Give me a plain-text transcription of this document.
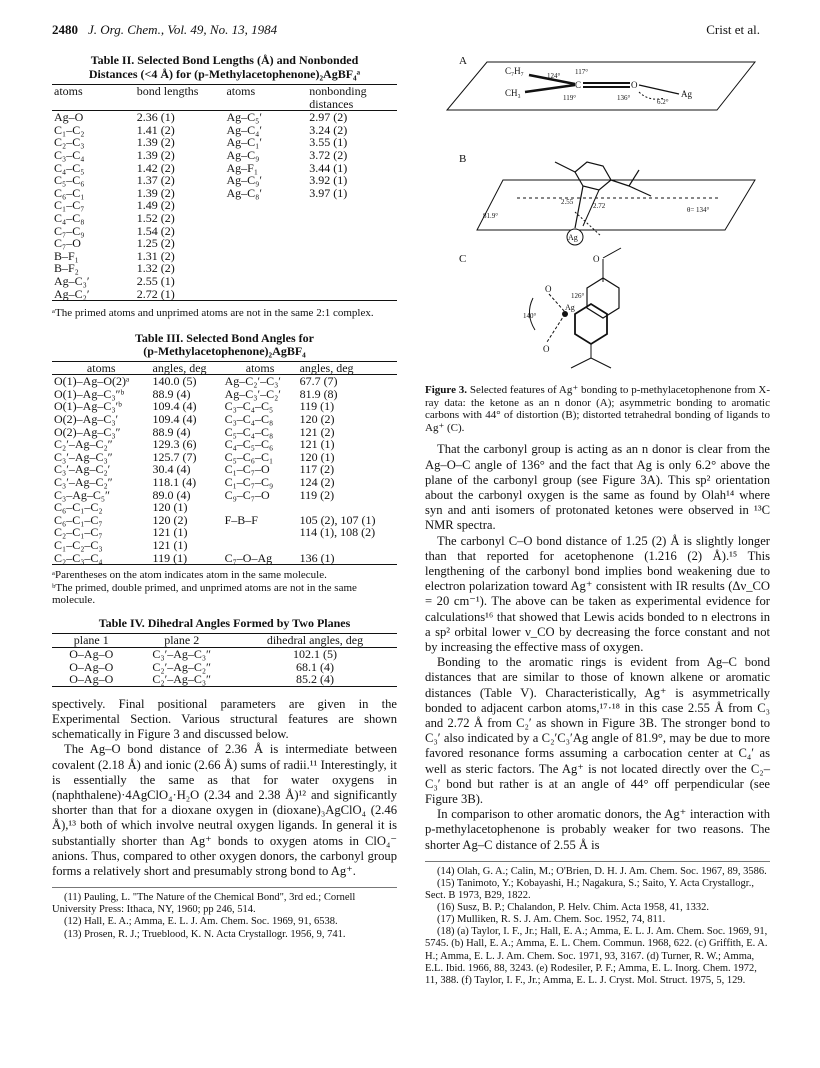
2480 J. Org. Chem., Vol. 49, No. 13, 1984	Crist et al.

Table II. Selected Bond Lengths (Å) and Nonbonded

Distances (<4 Å) for (p-Methylacetophenone)₂AgBF₄ᵃ

atoms	bond lengths	atoms	nonbonding distances
Ag–O	2.36 (1)	Ag–C₅′	2.97 (2)
C₁–C₂	1.41 (2)	Ag–C₄′	3.24 (2)
C₂–C₃	1.39 (2)	Ag–C₁′	3.55 (1)
C₃–C₄	1.39 (2)	Ag–C₉	3.72 (2)
C₄–C₅	1.42 (2)	Ag–F₁	3.44 (1)
C₅–C₆	1.37 (2)	Ag–C₉′	3.92 (1)
C₆–C₁	1.39 (2)	Ag–C₈′	3.97 (1)
C₁–C₇	1.49 (2)		
C₄–C₈	1.52 (2)		
C₇–C₉	1.54 (2)		
C₇–O	1.25 (2)		
B–F₁	1.31 (2)		
B–F₂	1.32 (2)		
Ag–C₃′	2.55 (1)		
Ag–C₂′	2.72 (1)		

ᵃThe primed atoms and unprimed atoms are not in the same 2:1 complex.

Table III. Selected Bond Angles for

(p-Methylacetophenone)₂AgBF₄

atoms	angles, deg	atoms	angles, deg
O(1)–Ag–O(2)ᵃ	140.0 (5)	Ag–C₂′–C₃′	67.7 (7)
O(1)–Ag–C₃″ᵇ	88.9 (4)	Ag–C₃′–C₂′	81.9 (8)
O(1)–Ag–C₃′ᵇ	109.4 (4)	C₃–C₄–C₅	119 (1)
O(2)–Ag–C₃′	109.4 (4)	C₃–C₄–C₈	120 (2)
O(2)–Ag–C₃″	88.9 (4)	C₅–C₄–C₈	121 (2)
C₂′–Ag–C₂″	129.3 (6)	C₄–C₅–C₆	121 (1)
C₃′–Ag–C₃″	125.7 (7)	C₅–C₆–C₁	120 (1)
C₃′–Ag–C₂′	30.4 (4)	C₁–C₇–O	117 (2)
C₃′–Ag–C₂″	118.1 (4)	C₁–C₇–C₉	124 (2)
C₃–Ag–C₅″	89.0 (4)	C₉–C₇–O	119 (2)
C₆–C₁–C₂	120 (1)		
C₆–C₁–C₇	120 (2)	F–B–F	105 (2), 107 (1)
C₂–C₁–C₇	121 (1)		114 (1), 108 (2)
C₁–C₂–C₃	121 (1)		
C₂–C₃–C₄	119 (1)	C₇–O–Ag	136 (1)

ᵃParentheses on the atom indicates atom in the same molecule.

ᵇThe primed, double primed, and unprimed atoms are not in the same molecule.

Table IV. Dihedral Angles Formed by Two Planes

plane 1	plane 2	dihedral angles, deg
O–Ag–O	C₃′–Ag–C₃″	102.1 (5)
O–Ag–O	C₂′–Ag–C₂″	68.1 (4)
O–Ag–O	C₂′–Ag–C₃″	85.2 (4)

spectively. Final positional parameters are given in the Experimental Section. Various structural features are shown schematically in Figure 3 and discussed below.

The Ag–O bond distance of 2.36 Å is intermediate between covalent (2.18 Å) and ionic (2.66 Å) sums of radii.¹¹ Interestingly, it is essentially the same as that for water oxygens in (naphthalene)·4AgClO₄·H₂O (2.34 and 2.38 Å)¹² and significantly shorter than that for a dioxane oxygen in (dioxane)₃AgClO₄ (2.46 Å),¹³ both of which involve neutral oxygen ligands. In general it is substantially shorter than Ag⁺ bonds to oxygen atoms in ClO₄⁻ anions. Thus, compared to other oxygen donors, the carbonyl group forms a relatively short and presumably strong bond to Ag⁺.

(11) Pauling, L. "The Nature of the Chemical Bond", 3rd ed.; Cornell University Press: Ithaca, NY, 1960; pp 246, 514.
(12) Hall, E. A.; Amma, E. L. J. Am. Chem. Soc. 1969, 91, 6538.
(13) Prosen, R. J.; Trueblood, K. N. Acta Crystallogr. 1956, 9, 741.
A
C₇H₇
CH₃
C	O
Ag
124° 117°
119°	136°	6.2°
B
Ag
2.55	2.72
81.9°
θ= 134°
C	O
O
Ag
O
140°
126°

Figure 3. Selected features of Ag⁺ bonding to p-methylacetophenone from X-ray data: the ketone as an n donor (A); asymmetric bonding to aromatic carbons with 44° of distortion (B); distorted tetrahedral bonding of ligands to Ag⁺ (C).

That the carbonyl group is acting as an n donor is clear from the Ag–O–C angle of 136° and the fact that Ag is only 6.2° above the plane of the carbonyl group (see Figure 3A). This sp² orientation about the carbonyl oxygen is the same as found by Olah¹⁴ where syn and anti isomers of protonated ketones were observed in ¹³C NMR spectra.

The carbonyl C–O bond distance of 1.25 (2) Å is slightly longer than that reported for acetophenone (1.216 (2) Å).¹⁵ This lengthening of the carbonyl bond implies bond weakening due to electron polarization toward Ag⁺ consistent with IR results (Δν_CO = 20 cm⁻¹). The above can be taken as experimental evidence for calculations¹⁶ that showed that Lewis acids bonded to n electrons in a sp² orbital lower ν_CO by decreasing the force constant and not by increasing the effective mass of oxygen.

Bonding to the aromatic rings is evident from Ag–C bond distances that are similar to those of known alkene or aromatic distances (Table V). Characteristically, Ag⁺ is asymmetrically bonded to adjacent carbon atoms,¹⁷·¹⁸ in this case 2.55 Å from C₃ and 2.72 Å from C₂′ as shown in Figure 3B. The stronger bond to C₃′ also indicated by a C₂′C₃′Ag angle of 81.9°, may be due to more favored resonance forms assuming a carbocation center at C₄′ as well as steric factors. The Ag⁺ is not located directly over the C₂–C₃′ bond but rather is at an angle of 44° off perpendicular (see Figure 3B).

In comparison to other aromatic donors, the Ag⁺ interaction with p-methylacetophenone is probably weaker for two reasons. The shorter Ag–C distance of 2.55 Å is

(14) Olah, G. A.; Calin, M.; O'Brien, D. H. J. Am. Chem. Soc. 1967, 89, 3586.
(15) Tanimoto, Y.; Kobayashi, H.; Nagakura, S.; Saito, Y. Acta Crystallogr., Sect. B 1973, B29, 1822.
(16) Susz, B. P.; Chalandon, P. Helv. Chim. Acta 1958, 41, 1332.
(17) Mulliken, R. S. J. Am. Chem. Soc. 1952, 74, 811.
(18) (a) Taylor, I. F., Jr.; Hall, E. A.; Amma, E. L. J. Am. Chem. Soc. 1969, 91, 5745. (b) Hall, E. A.; Amma, E. L. Chem. Commun. 1968, 622. (c) Griffith, E. A. H.; Amma, E. L. J. Am. Chem. Soc. 1971, 93, 3167. (d) Turner, R. W.; Amma, E.L. Ibid. 1966, 88, 3243. (e) Rodesiler, P. F.; Amma, E. L. Inorg. Chem. 1972, 11, 388. (f) Taylor, I. F., Jr.; Amma, E. L. J. Cryst. Mol. Struct. 1975, 5, 129.
